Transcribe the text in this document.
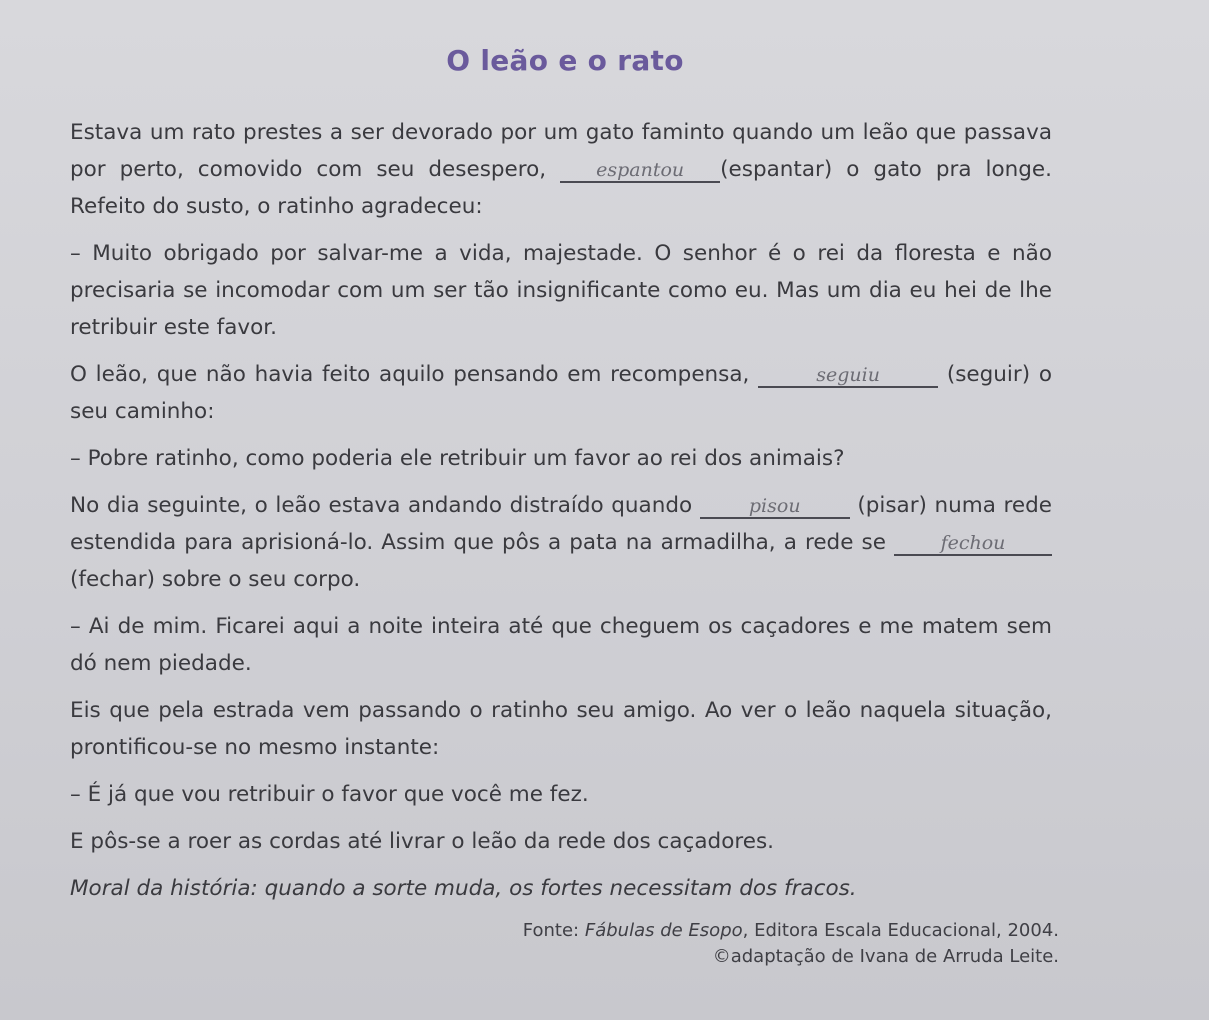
O leão e o rato

Estava um rato prestes a ser devorado por um gato faminto quando um leão que passava por perto, comovido com seu desespero, espantou (espantar) o gato pra longe. Refeito do susto, o ratinho agradeceu:

– Muito obrigado por salvar-me a vida, majestade. O senhor é o rei da floresta e não precisaria se incomodar com um ser tão insignificante como eu. Mas um dia eu hei de lhe retribuir este favor.

O leão, que não havia feito aquilo pensando em recompensa,	seguiu	(seguir) o seu caminho:

– Pobre ratinho, como poderia ele retribuir um favor ao rei dos animais?

No dia seguinte, o leão estava andando distraído quando	pisou	(pisar) numa rede estendida para aprisioná-lo. Assim que pôs a pata na armadilha, a rede se fechou (fechar) sobre o seu corpo.

– Ai de mim. Ficarei aqui a noite inteira até que cheguem os caçadores e me matem sem dó nem piedade.

Eis que pela estrada vem passando o ratinho seu amigo. Ao ver o leão naquela situação, prontificou-se no mesmo instante:

– É já que vou retribuir o favor que você me fez.

E pôs-se a roer as cordas até livrar o leão da rede dos caçadores.

Moral da história: quando a sorte muda, os fortes necessitam dos fracos.

Fonte: Fábulas de Esopo, Editora Escala Educacional, 2004.
©adaptação de Ivana de Arruda Leite.
